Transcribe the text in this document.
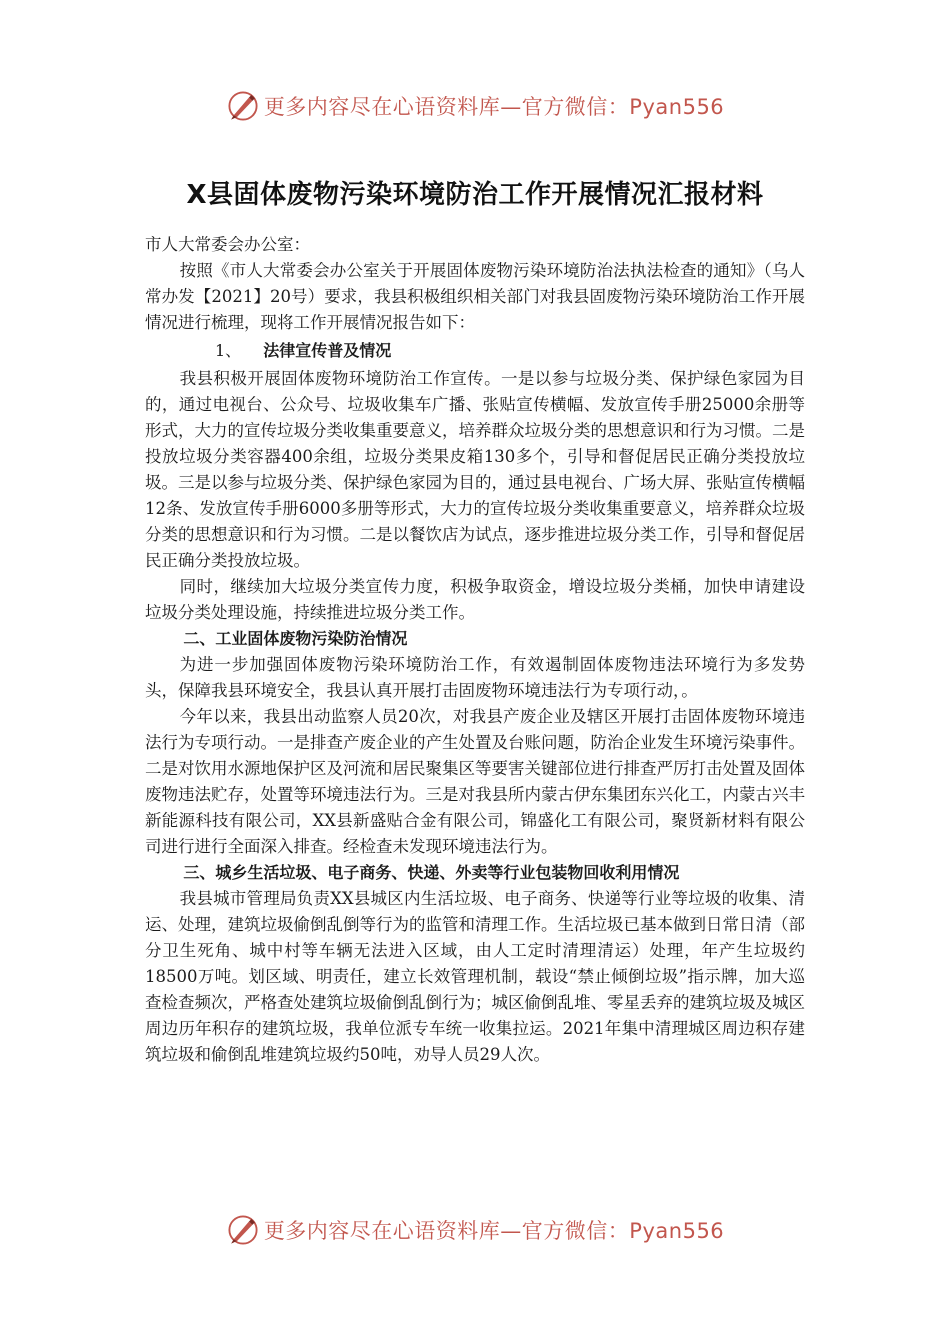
更多内容尽在心语资料库—官方微信：Pyan556
X县固体废物污染环境防治工作开展情况汇报材料

市人大常委会办公室：

按照《市人大常委会办公室关于开展固体废物污染环境防治法执法检查的通知》（乌人常办发【2021】20号）要求，我县积极组织相关部门对我县固废物污染环境防治工作开展情况进行梳理，现将工作开展情况报告如下：

1、 法律宣传普及情况

我县积极开展固体废物环境防治工作宣传。一是以参与垃圾分类、保护绿色家园为目的，通过电视台、公众号、垃圾收集车广播、张贴宣传横幅、发放宣传手册25000余册等形式，大力的宣传垃圾分类收集重要意义，培养群众垃圾分类的思想意识和行为习惯。二是投放垃圾分类容器400余组，垃圾分类果皮箱130多个，引导和督促居民正确分类投放垃圾。三是以参与垃圾分类、保护绿色家园为目的，通过县电视台、广场大屏、张贴宣传横幅12条、发放宣传手册6000多册等形式，大力的宣传垃圾分类收集重要意义，培养群众垃圾分类的思想意识和行为习惯。二是以餐饮店为试点，逐步推进垃圾分类工作，引导和督促居民正确分类投放垃圾。

同时，继续加大垃圾分类宣传力度，积极争取资金，增设垃圾分类桶，加快申请建设垃圾分类处理设施，持续推进垃圾分类工作。

二、工业固体废物污染防治情况

为进一步加强固体废物污染环境防治工作，有效遏制固体废物违法环境行为多发势头，保障我县环境安全，我县认真开展打击固废物环境违法行为专项行动，。

今年以来，我县出动监察人员20次，对我县产废企业及辖区开展打击固体废物环境违法行为专项行动。一是排查产废企业的产生处置及台账问题，防治企业发生环境污染事件。二是对饮用水源地保护区及河流和居民聚集区等要害关键部位进行排查严厉打击处置及固体废物违法贮存，处置等环境违法行为。三是对我县所内蒙古伊东集团东兴化工，内蒙古兴丰新能源科技有限公司，XX县新盛贴合金有限公司，锦盛化工有限公司，聚贤新材料有限公司进行进行全面深入排查。经检查未发现环境违法行为。

三、城乡生活垃圾、电子商务、快递、外卖等行业包装物回收利用情况

我县城市管理局负责XX县城区内生活垃圾、电子商务、快递等行业等垃圾的收集、清运、处理，建筑垃圾偷倒乱倒等行为的监管和清理工作。生活垃圾已基本做到日常日清（部分卫生死角、城中村等车辆无法进入区域，由人工定时清理清运）处理，年产生垃圾约18500万吨。划区域、明责任，建立长效管理机制，载设“禁止倾倒垃圾”指示牌，加大巡查检查频次，严格查处建筑垃圾偷倒乱倒行为；城区偷倒乱堆、零星丢弃的建筑垃圾及城区周边历年积存的建筑垃圾，我单位派专车统一收集拉运。2021年集中清理城区周边积存建筑垃圾和偷倒乱堆建筑垃圾约50吨，劝导人员29人次。

更多内容尽在心语资料库—官方微信：Pyan556
